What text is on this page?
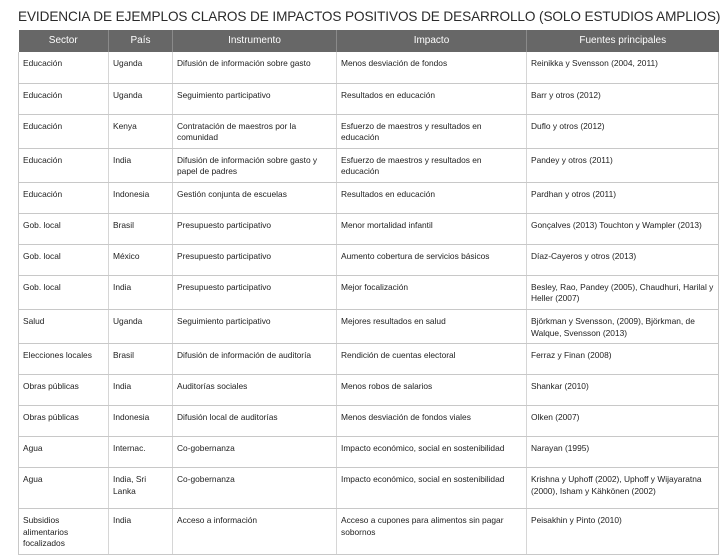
EVIDENCIA DE EJEMPLOS CLAROS DE IMPACTOS POSITIVOS DE DESARROLLO (SOLO ESTUDIOS AMPLIOS)
Sector	País	Instrumento	Impacto	Fuentes principales
Educación	Uganda	Difusión de información sobre gasto	Menos desviación de fondos	Reinikka y Svensson (2004, 2011)
Educación	Uganda	Seguimiento participativo	Resultados en educación	Barr y otros (2012)
Educación	Kenya	Contratación de maestros por la comunidad	Esfuerzo de maestros y resultados en educación	Duflo y otros (2012)
Educación	India	Difusión de información sobre gasto y papel de padres	Esfuerzo de maestros y resultados en educación	Pandey y otros (2011)
Educación	Indonesia	Gestión conjunta de escuelas	Resultados en educación	Pardhan y otros (2011)
Gob. local	Brasil	Presupuesto participativo	Menor mortalidad infantil	Gonçalves (2013) Touchton y Wampler (2013)
Gob. local	México	Presupuesto participativo	Aumento cobertura de servicios básicos	Díaz-Cayeros y otros (2013)
Gob. local	India	Presupuesto participativo	Mejor focalización	Besley, Rao, Pandey (2005), Chaudhuri, Harilal y Heller (2007)
Salud	Uganda	Seguimiento participativo	Mejores resultados en salud	Björkman y Svensson, (2009), Björkman, de Walque, Svensson (2013)
Elecciones locales	Brasil	Difusión de información de auditoría	Rendición de cuentas electoral	Ferraz y Finan (2008)
Obras públicas	India	Auditorías sociales	Menos robos de salarios	Shankar (2010)
Obras públicas	Indonesia	Difusión local de auditorías	Menos desviación de fondos viales	Olken (2007)
Agua	Internac.	Co-gobernanza	Impacto económico, social en sostenibilidad	Narayan (1995)
Agua	India, Sri Lanka	Co-gobernanza	Impacto económico, social en sostenibilidad	Krishna y Uphoff (2002), Uphoff y Wijayaratna (2000), Isham y Kähkönen (2002)
Subsidios alimentarios focalizados	India	Acceso a información	Acceso a cupones para alimentos sin pagar sobornos	Peisakhin y Pinto (2010)
